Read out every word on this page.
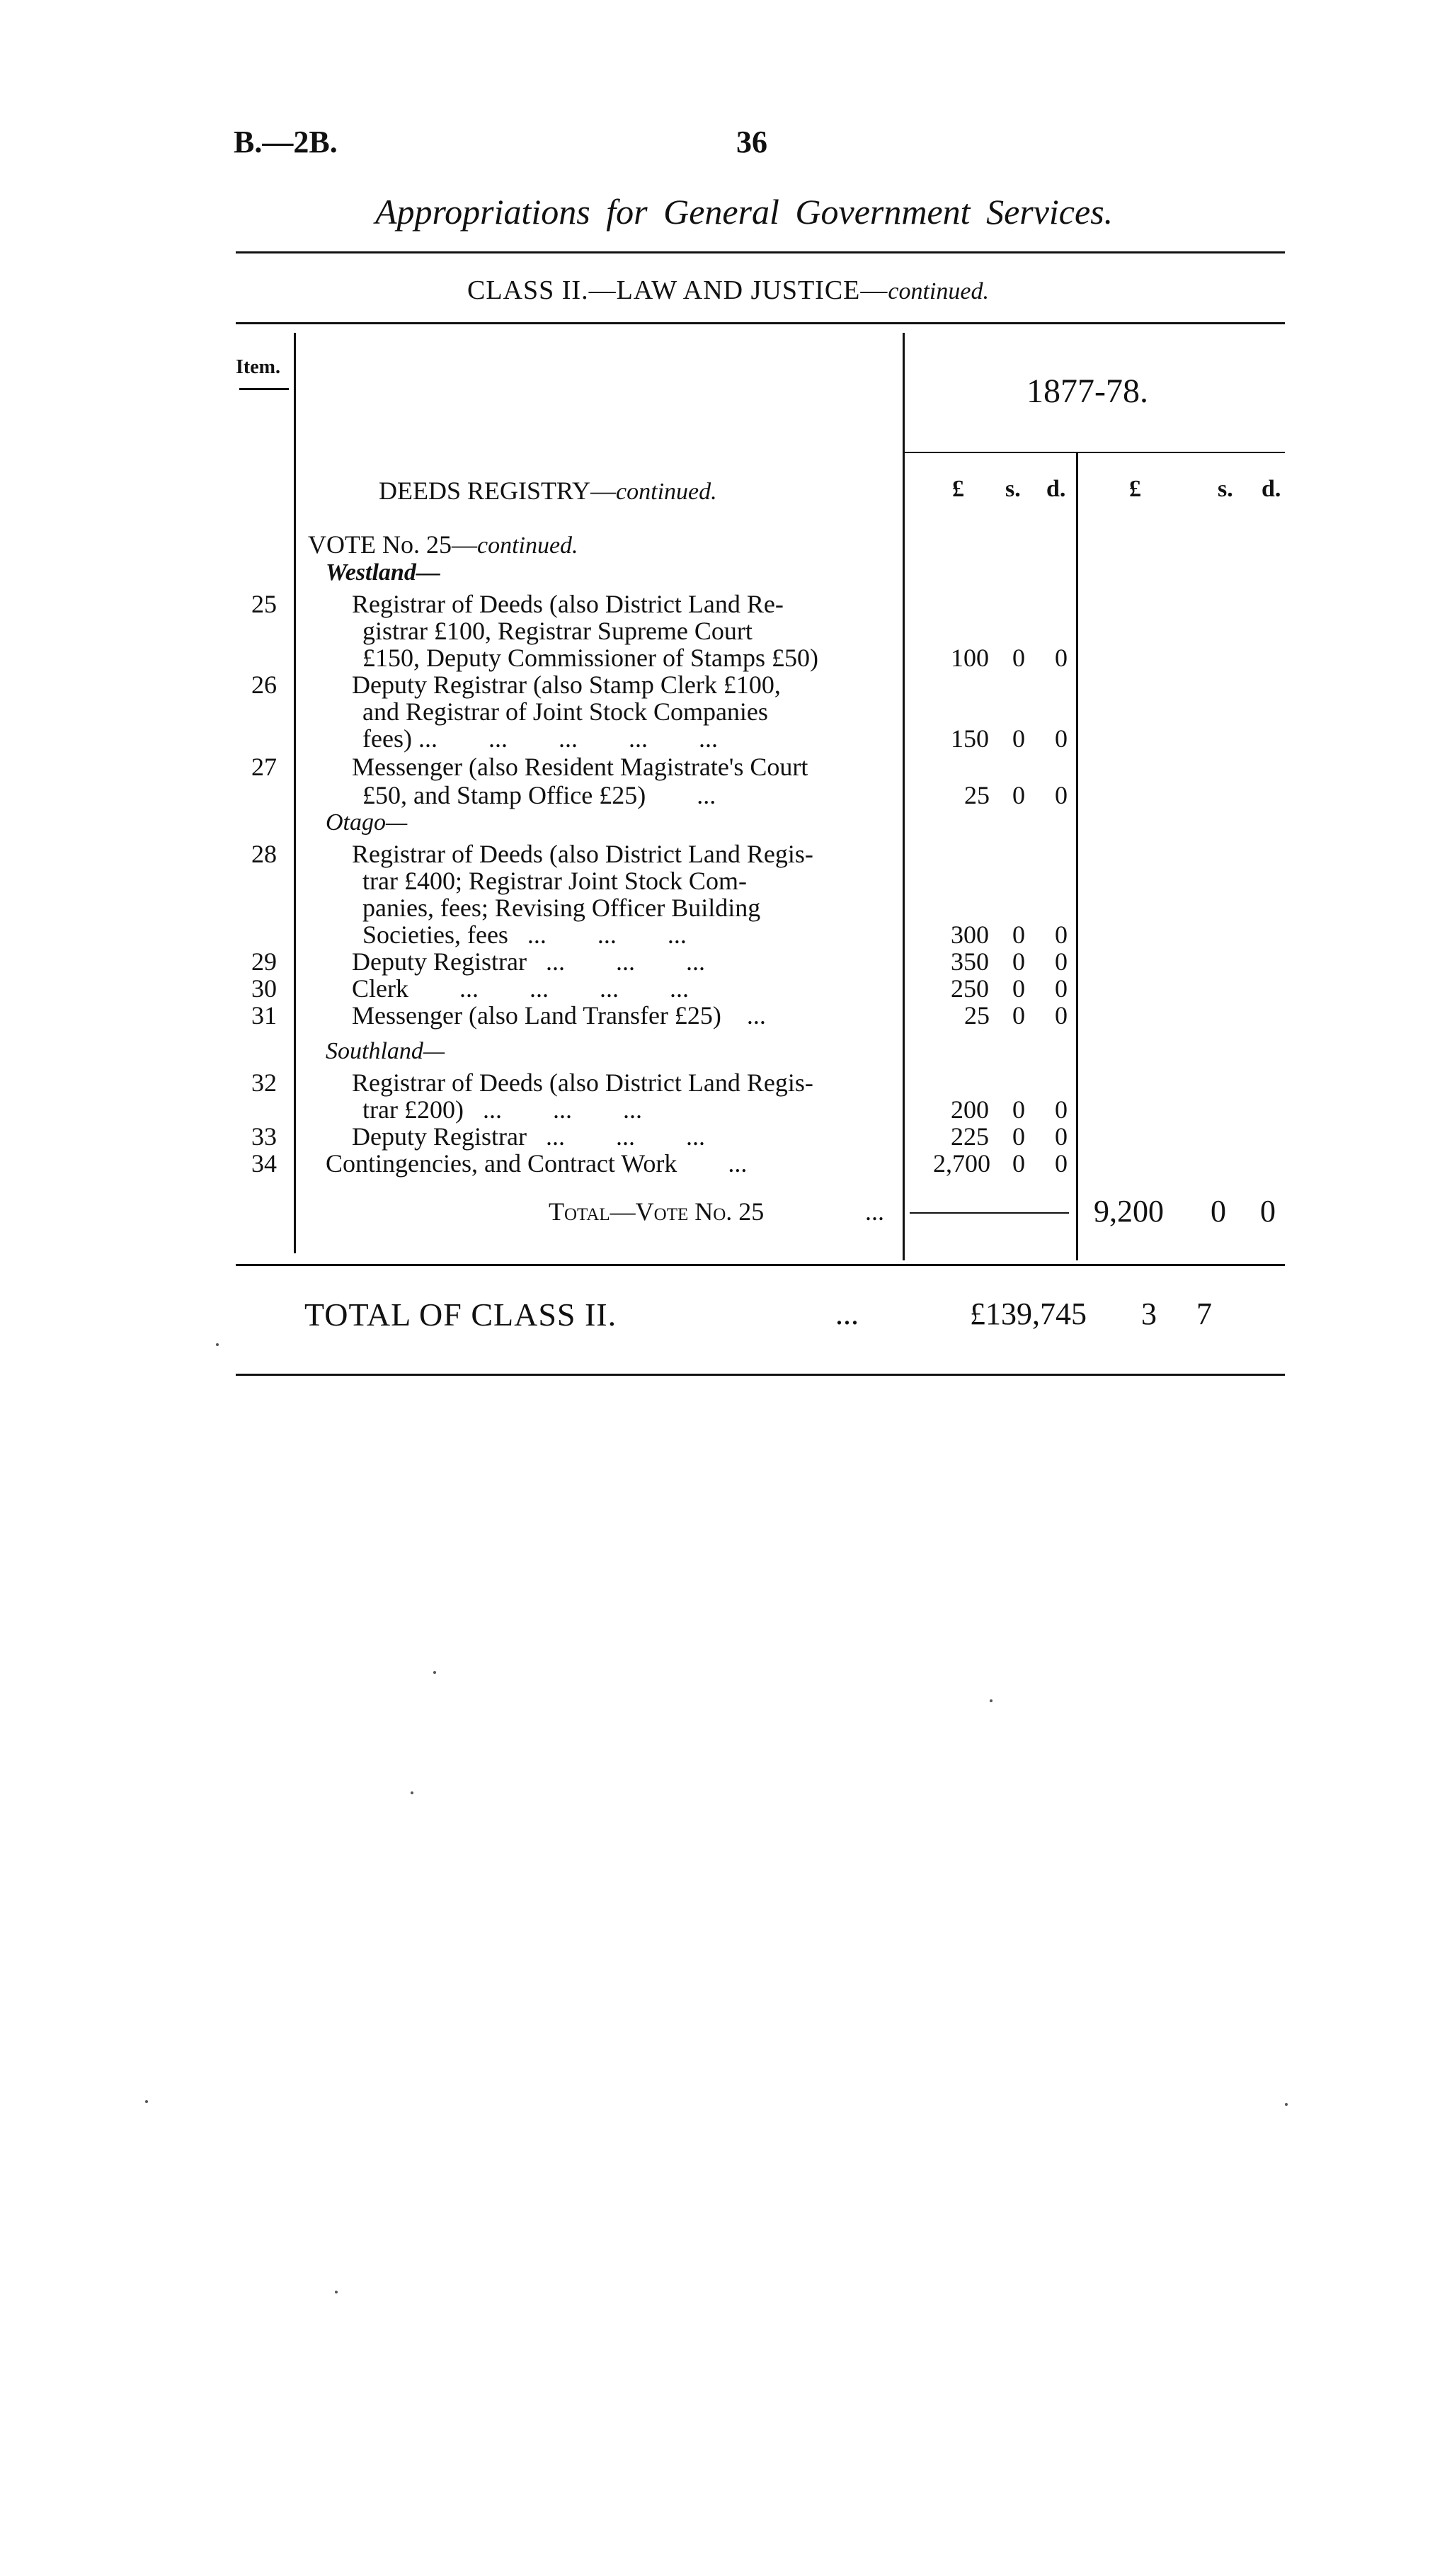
B.—2B.	36
Appropriations for General Government Services.
CLASS II.—LAW AND JUSTICE—continued.
Item.
1877-78.
DEEDS REGISTRY—continued.	£ s. d.	£	s. d.
VOTE No. 25—continued.
Westland—
Otago—
Southland—
25	Registrar of Deeds (also District Land Re-
gistrar £100, Registrar Supreme Court
£150, Deputy Commissioner of Stamps £50)	100 0 0
26	Deputy Registrar (also Stamp Clerk £100,
and Registrar of Joint Stock Companies
fees) ...        ...        ...        ...        ...	150 0 0
27	Messenger (also Resident Magistrate's Court
£50, and Stamp Office £25)        ...	25 0 0
28	Registrar of Deeds (also District Land Regis-
trar £400; Registrar Joint Stock Com-
panies, fees; Revising Officer Building
Societies, fees   ...        ...        ...	300 0 0
29	Deputy Registrar   ...        ...        ...	350 0 0
30	Clerk        ...        ...        ...        ...	250 0 0
31	Messenger (also Land Transfer £25)    ...	25 0 0
32	Registrar of Deeds (also District Land Regis-
trar £200)   ...        ...        ...	200 0 0
33	Deputy Registrar   ...        ...        ...	225 0 0
34 Contingencies, and Contract Work        ...	2,700 0 0
Total—Vote No. 25	...	9,200 0 0
TOTAL OF CLASS II.	...	£139,745 3 7
